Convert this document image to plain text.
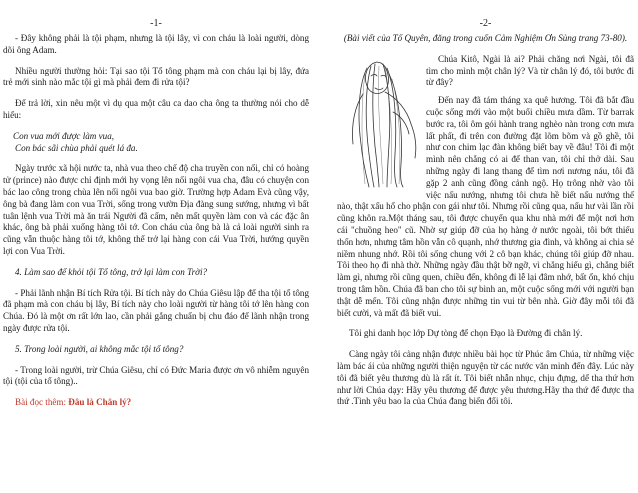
-1-

- Đây không phải là tội phạm, nhưng là tội lây, vì con cháu là loài người, dòng dõi ông Adam.

Nhiều người thường hỏi: Tại sao tội Tổ tông phạm mà con cháu lại bị lây, đứa trẻ mới sinh nào mắc tội gì mà phải đem đi rửa tội?

Để trả lời, xin nêu một vì dụ qua một câu ca dao cha ông ta thường nói cho dễ hiểu:

Con vua mới được làm vua,
Con bác sãi chùa phải quét lá đa.

Ngày trước xã hội nước ta, nhà vua theo chế độ cha truyền con nối, chỉ có hoàng tử (prince) nào được chỉ định mới hy vọng lên nối ngôi vua cha, đâu có chuyện con bác lao công trong chùa lên nối ngôi vua bao giờ. Trường hợp Adam Evà cũng vậy, ông bà đang làm con vua Trời, sống trong vườn Địa đàng sung sướng, nhưng vì bất tuân lệnh vua Trời mà ăn trái Người đã cấm, nên mất quyền làm con và các đặc ân khác, ông bà phải xuống hàng tôi tớ. Con cháu của ông bà là cả loài người sinh ra cũng vẫn thuộc hàng tôi tớ, không thể trở lại hàng con cái Vua Trời, hướng quyền lợi con Vua Trời.

4. Làm sao để khỏi tội Tổ tông, trở lại làm con Trời?

- Phải lãnh nhận Bí tích Rửa tội. Bí tích này do Chúa Giêsu lập để tha tội tổ tông đã phạm mà con cháu bị lây, Bí tích này cho loài người từ hàng tôi tớ lên hàng con Chúa. Đó là một ơn rất lớn lao, cần phải gắng chuẩn bị chu đáo để lãnh nhận trong ngày được rửa tội.

5. Trong loài người, ai không mắc tội tổ tông?

- Trong loài người, trừ Chúa Giêsu, chỉ có Đức Maria được ơn vô nhiễm nguyên tội (tội của tổ tông)..

Bài đọc thêm: Đâu là Chân lý?

-2-

(Bài viết của Tố Quyên, đăng trong cuốn Cảm Nghiệm Ơn Sủng trang 73-80).

Chúa Kitô, Ngài là ai? Phải chăng nơi Ngài, tôi đã tìm cho mình một chân lý? Và từ chân lý đó, tôi bước đi từ đây?

Đến nay đã tám tháng xa quê hương. Tôi đã bắt đầu cuộc sống mới vào một buổi chiều mưa dầm. Từ barrak bước ra, tôi ôm gói hành trang nghèo nàn trong cơn mưa lất phất, đi trên con đường đặt lõm bõm và gồ ghề, tôi như con chim lạc đàn không biết bay về đâu! Tôi đi một mình nên chẳng có ai để than van, tôi chỉ thở dài. Sau những ngày đi lang thang để tìm nơi nương náu, tôi đã gặp 2 anh cũng đồng cảnh ngộ. Họ trông nhờ vào tôi việc nấu nướng, nhưng tôi chưa hề biết nấu nướng thế nào, thật xấu hổ cho phận con gái như tôi. Nhưng rồi cũng qua, nấu hư vài lần rồi cũng khôn ra.Một tháng sau, tôi được chuyển qua khu nhà mới để một nơi hơn cái "chuồng heo" cũ. Nhờ sự giúp đỡ của họ hàng ở nước ngoài, tôi bớt thiếu thốn hơn, nhưng tâm hồn vẫn cô quạnh, nhớ thương gia đình, và không ai chia sẻ niềm nhung nhớ. Rồi tôi sống chung với 2 cô bạn khác, chúng tôi giúp đỡ nhau. Tôi theo họ đi nhà thờ. Những ngày đầu thật bỡ ngỡ, vì chẳng hiểu gì, chẳng biết làm gì, nhưng rồi cũng quen, chiều đến, không đi lễ lại đâm nhớ, bất ổn, khó chịu trong tâm hồn. Chúa đã ban cho tôi sự bình an, một cuộc sống mới với người bạn thật dễ mến. Tôi cũng nhận được những tin vui từ bên nhà. Giờ đây mỗi tôi đã biết cười, và mất đã biết vui.

Tôi ghi danh học lớp Dự tòng để chọn Đạo là Đường đi chân lý.

Càng ngày tôi càng nhận được nhiều bài học từ Phúc âm Chúa, từ những việc làm bác ái của những người thiện nguyện từ các nước văn minh đến đây. Lúc này tôi đã biết yêu thương dù là rất ít. Tôi biết nhẫn nhục, chịu đựng, dể tha thứ hơn như lời Chúa dạy: Hãy yêu thương để được yêu thương.Hãy tha thứ để được tha thứ .Tình yêu bao la của Chúa đang biến đổi tôi.
